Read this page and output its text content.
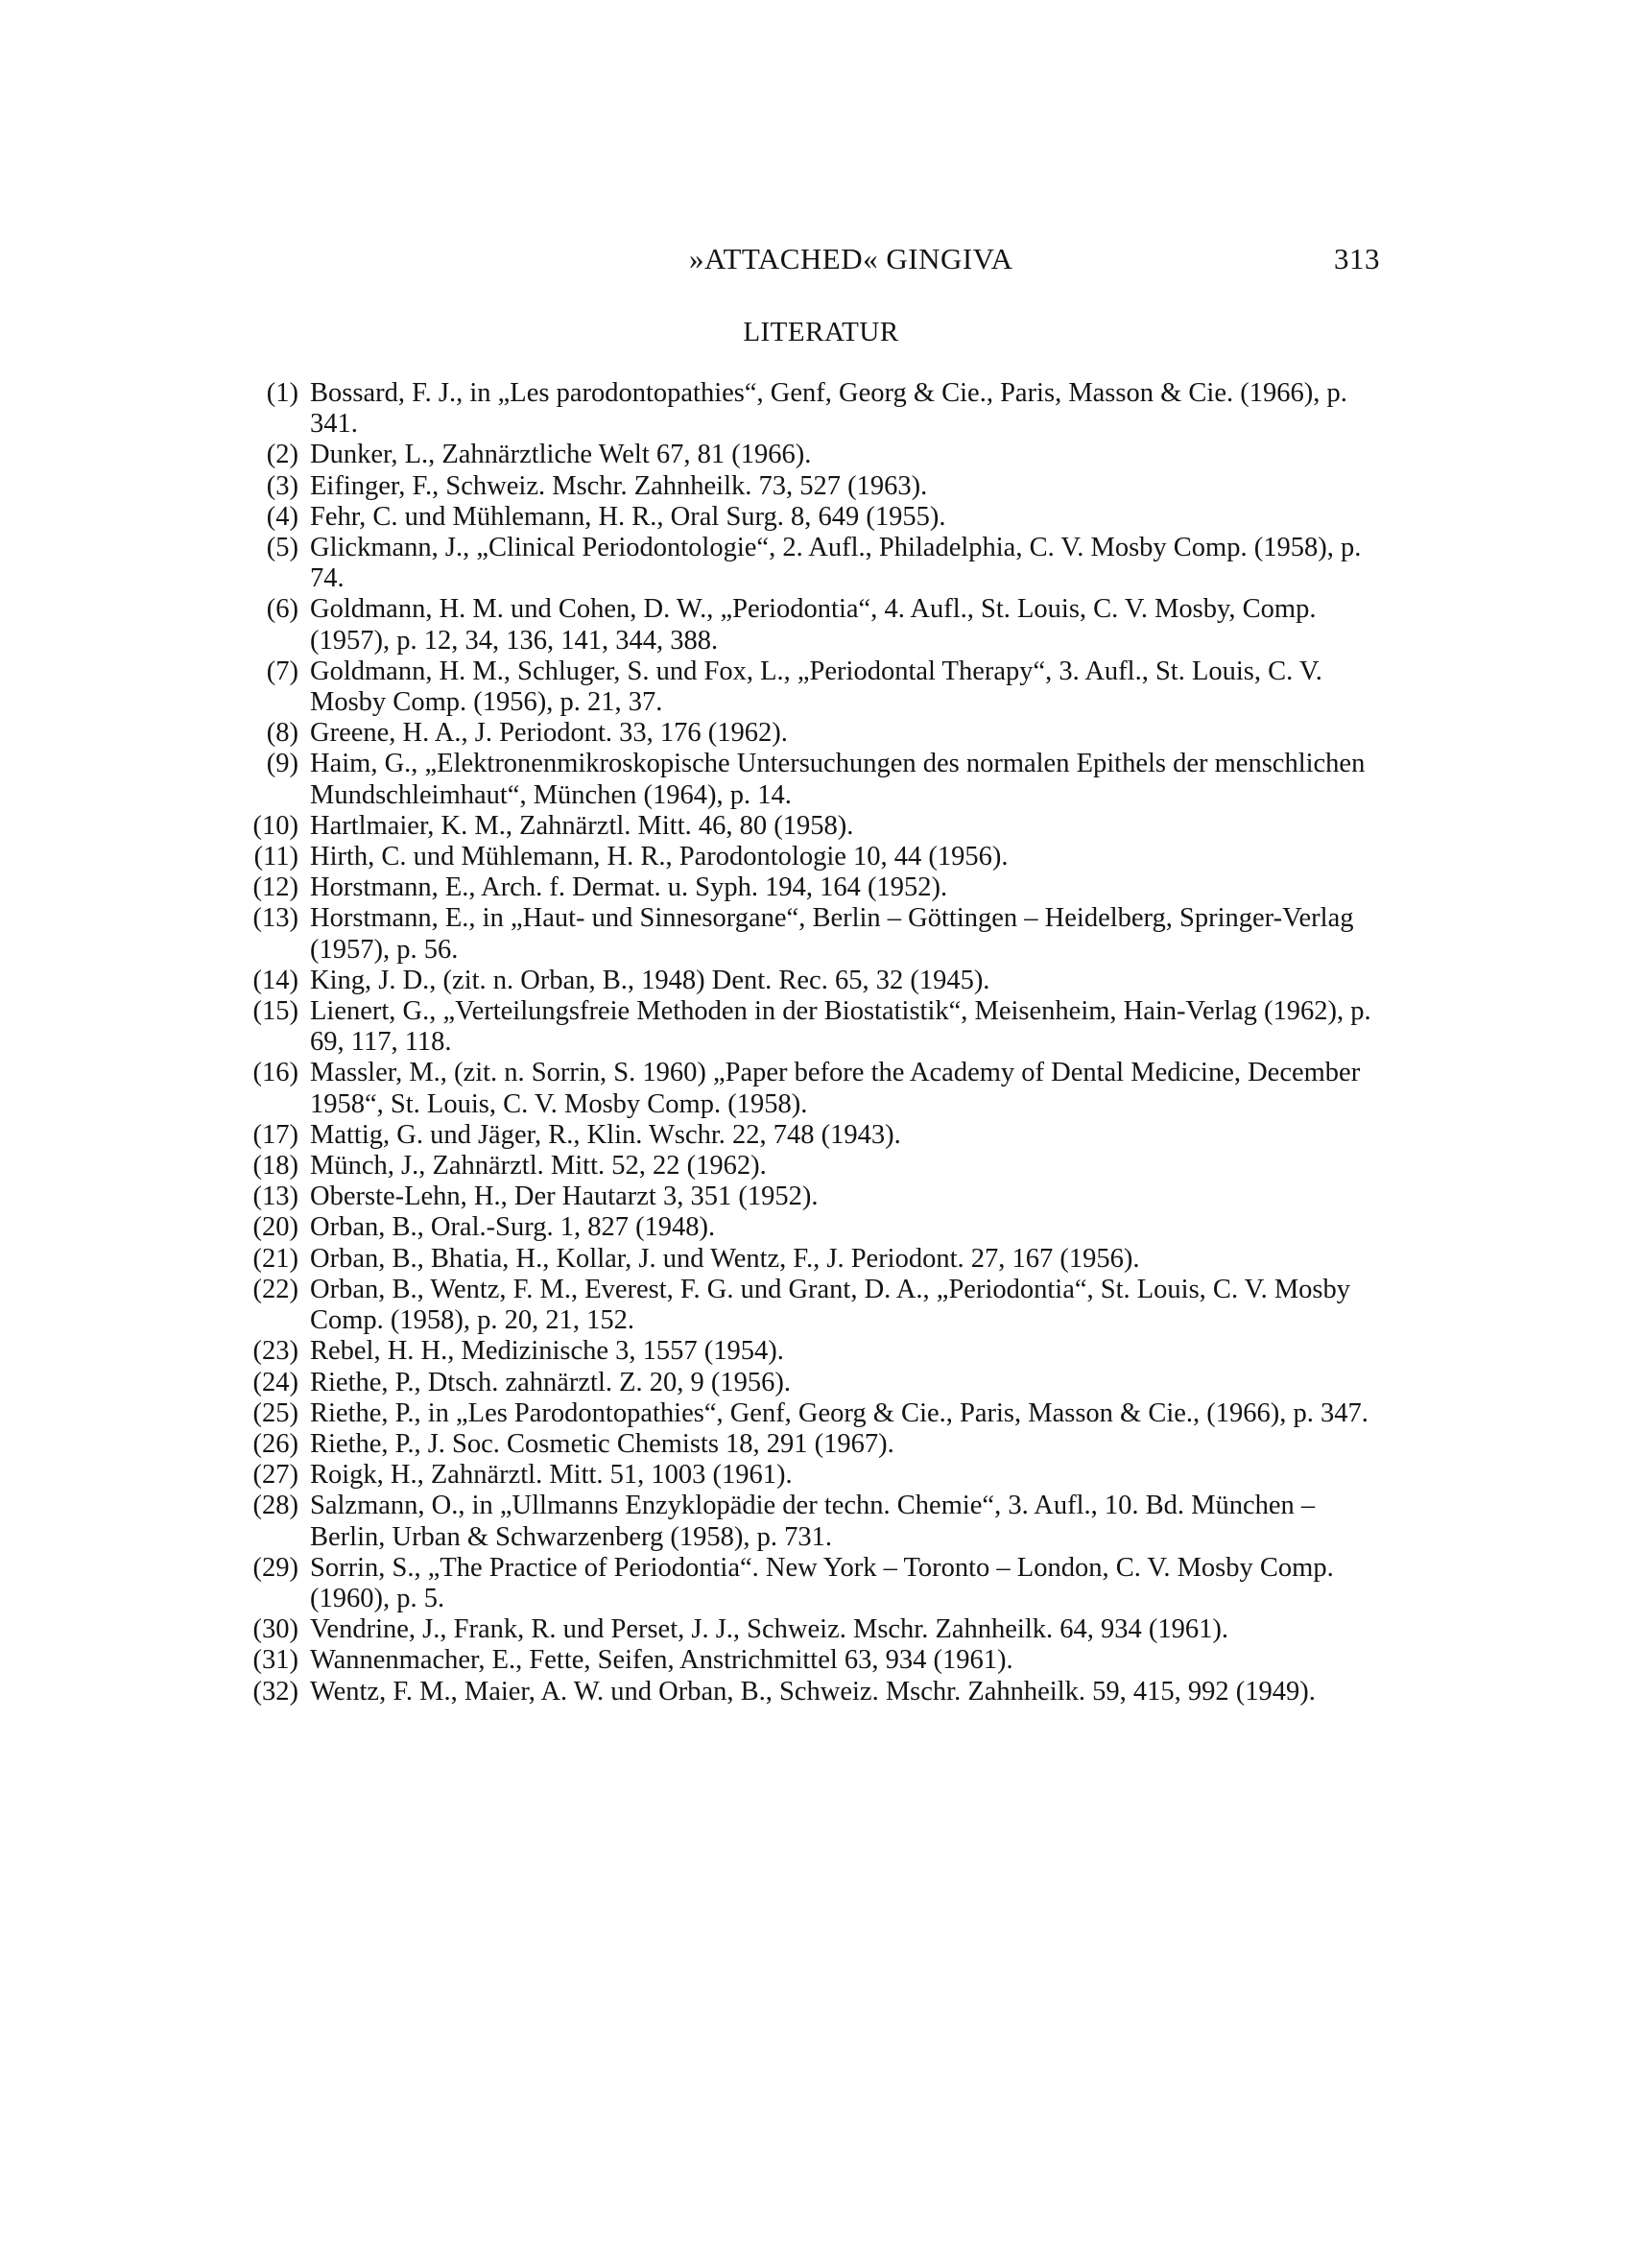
»ATTACHED« GINGIVA	313
LITERATUR
(1) Bossard, F. J., in „Les parodontopathies“, Genf, Georg & Cie., Paris, Masson & Cie. (1966), p. 341.
(2) Dunker, L., Zahnärztliche Welt 67, 81 (1966).
(3) Eifinger, F., Schweiz. Mschr. Zahnheilk. 73, 527 (1963).
(4) Fehr, C. und Mühlemann, H. R., Oral Surg. 8, 649 (1955).
(5) Glickmann, J., „Clinical Periodontologie“, 2. Aufl., Philadelphia, C. V. Mosby Comp. (1958), p. 74.
(6) Goldmann, H. M. und Cohen, D. W., „Periodontia“, 4. Aufl., St. Louis, C. V. Mosby, Comp. (1957), p. 12, 34, 136, 141, 344, 388.
(7) Goldmann, H. M., Schluger, S. und Fox, L., „Periodontal Therapy“, 3. Aufl., St. Louis, C. V. Mosby Comp. (1956), p. 21, 37.
(8) Greene, H. A., J. Periodont. 33, 176 (1962).
(9) Haim, G., „Elektronenmikroskopische Untersuchungen des normalen Epithels der menschlichen Mundschleimhaut“, München (1964), p. 14.
(10) Hartlmaier, K. M., Zahnärztl. Mitt. 46, 80 (1958).
(11) Hirth, C. und Mühlemann, H. R., Parodontologie 10, 44 (1956).
(12) Horstmann, E., Arch. f. Dermat. u. Syph. 194, 164 (1952).
(13) Horstmann, E., in „Haut- und Sinnesorgane“, Berlin – Göttingen – Heidelberg, Springer-Verlag (1957), p. 56.
(14) King, J. D., (zit. n. Orban, B., 1948) Dent. Rec. 65, 32 (1945).
(15) Lienert, G., „Verteilungsfreie Methoden in der Biostatistik“, Meisenheim, Hain-Verlag (1962), p. 69, 117, 118.
(16) Massler, M., (zit. n. Sorrin, S. 1960) „Paper before the Academy of Dental Medicine, December 1958“, St. Louis, C. V. Mosby Comp. (1958).
(17) Mattig, G. und Jäger, R., Klin. Wschr. 22, 748 (1943).
(18) Münch, J., Zahnärztl. Mitt. 52, 22 (1962).
(13) Oberste-Lehn, H., Der Hautarzt 3, 351 (1952).
(20) Orban, B., Oral.-Surg. 1, 827 (1948).
(21) Orban, B., Bhatia, H., Kollar, J. und Wentz, F., J. Periodont. 27, 167 (1956).
(22) Orban, B., Wentz, F. M., Everest, F. G. und Grant, D. A., „Periodontia“, St. Louis, C. V. Mosby Comp. (1958), p. 20, 21, 152.
(23) Rebel, H. H., Medizinische 3, 1557 (1954).
(24) Riethe, P., Dtsch. zahnärztl. Z. 20, 9 (1956).
(25) Riethe, P., in „Les Parodontopathies“, Genf, Georg & Cie., Paris, Masson & Cie., (1966), p. 347.
(26) Riethe, P., J. Soc. Cosmetic Chemists 18, 291 (1967).
(27) Roigk, H., Zahnärztl. Mitt. 51, 1003 (1961).
(28) Salzmann, O., in „Ullmanns Enzyklopädie der techn. Chemie“, 3. Aufl., 10. Bd. München – Berlin, Urban & Schwarzenberg (1958), p. 731.
(29) Sorrin, S., „The Practice of Periodontia“. New York – Toronto – London, C. V. Mosby Comp. (1960), p. 5.
(30) Vendrine, J., Frank, R. und Perset, J. J., Schweiz. Mschr. Zahnheilk. 64, 934 (1961).
(31) Wannenmacher, E., Fette, Seifen, Anstrichmittel 63, 934 (1961).
(32) Wentz, F. M., Maier, A. W. und Orban, B., Schweiz. Mschr. Zahnheilk. 59, 415, 992 (1949).
